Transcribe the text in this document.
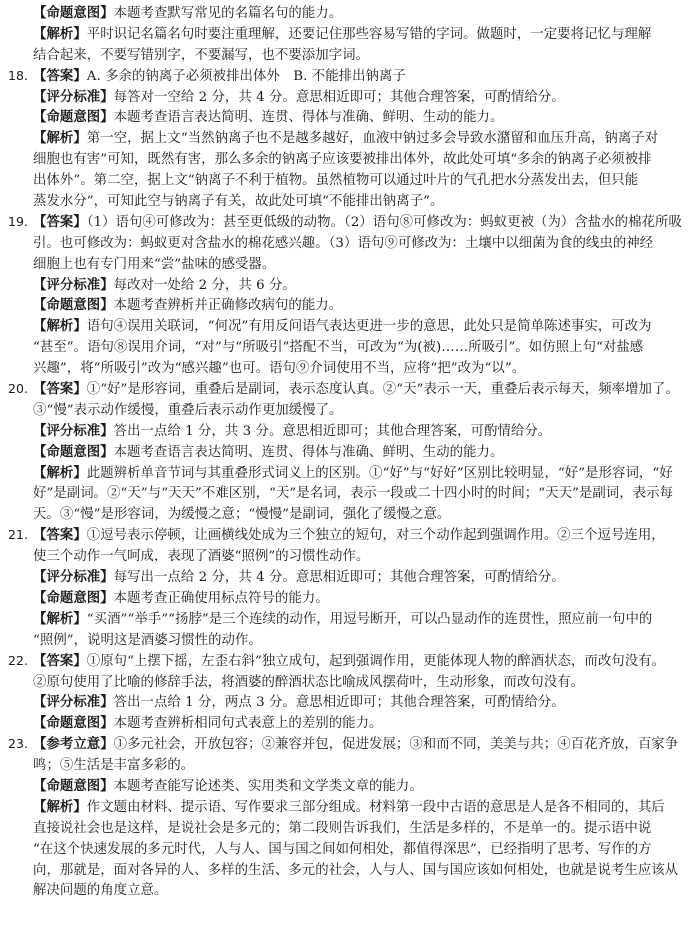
【命题意图】本题考查默写常见的名篇名句的能力。
【解析】平时识记名篇名句时要注重理解，还要记住那些容易写错的字词。做题时，一定要将记忆与理解
结合起来，不要写错别字，不要漏写，也不要添加字词。
18. 【答案】A. 多余的钠离子必须被排出体外　B. 不能排出钠离子
【评分标准】每答对一空给 2 分，共 4 分。意思相近即可；其他合理答案，可酌情给分。
【命题意图】本题考查语言表达简明、连贯、得体与准确、鲜明、生动的能力。
【解析】第一空，据上文“当然钠离子也不是越多越好，血液中钠过多会导致水潴留和血压升高，钠离子对
细胞也有害”可知，既然有害，那么多余的钠离子应该要被排出体外，故此处可填“多余的钠离子必须被排
出体外”。第二空，据上文“钠离子不利于植物。虽然植物可以通过叶片的气孔把水分蒸发出去，但只能
蒸发水分”，可知此空与钠离子有关，故此处可填“不能排出钠离子”。
19. 【答案】（1）语句④可修改为：甚至更低级的动物。（2）语句⑧可修改为：蚂蚁更被（为）含盐水的棉花所吸
引。也可修改为：蚂蚁更对含盐水的棉花感兴趣。（3）语句⑨可修改为：土壤中以细菌为食的线虫的神经
细胞上也有专门用来“尝”盐味的感受器。
【评分标准】每改对一处给 2 分，共 6 分。
【命题意图】本题考查辨析并正确修改病句的能力。
【解析】语句④误用关联词，“何况”有用反问语气表达更进一步的意思，此处只是简单陈述事实，可改为
“甚至”。语句⑧误用介词，“对”与“所吸引”搭配不当，可改为“为(被)……所吸引”。如仿照上句“对盐感
兴趣”，将“所吸引”改为“感兴趣”也可。语句⑨介词使用不当，应将“把”改为“以”。
20. 【答案】①“好”是形容词，重叠后是副词，表示态度认真。②“天”表示一天，重叠后表示每天，频率增加了。
③“慢”表示动作缓慢，重叠后表示动作更加缓慢了。
【评分标准】答出一点给 1 分，共 3 分。意思相近即可；其他合理答案，可酌情给分。
【命题意图】本题考查语言表达简明、连贯、得体与准确、鲜明、生动的能力。
【解析】此题辨析单音节词与其重叠形式词义上的区别。①“好”与“好好”区别比较明显，“好”是形容词，“好
好”是副词。②“天”与“天天”不难区别，“天”是名词，表示一段或二十四小时的时间；“天天”是副词，表示每
天。③“慢”是形容词，为缓慢之意；“慢慢”是副词，强化了缓慢之意。
21. 【答案】①逗号表示停顿，让画横线处成为三个独立的短句，对三个动作起到强调作用。②三个逗号连用，
使三个动作一气呵成，表现了酒婆“照例”的习惯性动作。
【评分标准】每写出一点给 2 分，共 4 分。意思相近即可；其他合理答案，可酌情给分。
【命题意图】本题考查正确使用标点符号的能力。
【解析】“买酒”“举手”“扬脖”是三个连续的动作，用逗号断开，可以凸显动作的连贯性，照应前一句中的
“照例”，说明这是酒婆习惯性的动作。
22. 【答案】①原句“上摆下摇，左歪右斜”独立成句，起到强调作用，更能体现人物的醉酒状态，而改句没有。
②原句使用了比喻的修辞手法，将酒婆的醉酒状态比喻成风摆荷叶，生动形象，而改句没有。
【评分标准】答出一点给 1 分，两点 3 分。意思相近即可；其他合理答案，可酌情给分。
【命题意图】本题考查辨析相同句式表意上的差别的能力。
23. 【参考立意】①多元社会，开放包容；②兼容并包，促进发展；③和而不同，美美与共；④百花齐放，百家争
鸣；⑤生活是丰富多彩的。
【命题意图】本题考查能写论述类、实用类和文学类文章的能力。
【解析】作文题由材料、提示语、写作要求三部分组成。材料第一段中古语的意思是人是各不相同的，其后
直接说社会也是这样，是说社会是多元的；第二段则告诉我们，生活是多样的，不是单一的。提示语中说
“在这个快速发展的多元时代，人与人、国与国之间如何相处，都值得深思”，已经指明了思考、写作的方
向，那就是，面对各异的人、多样的生活、多元的社会，人与人、国与国应该如何相处，也就是说考生应该从
解决问题的角度立意。
